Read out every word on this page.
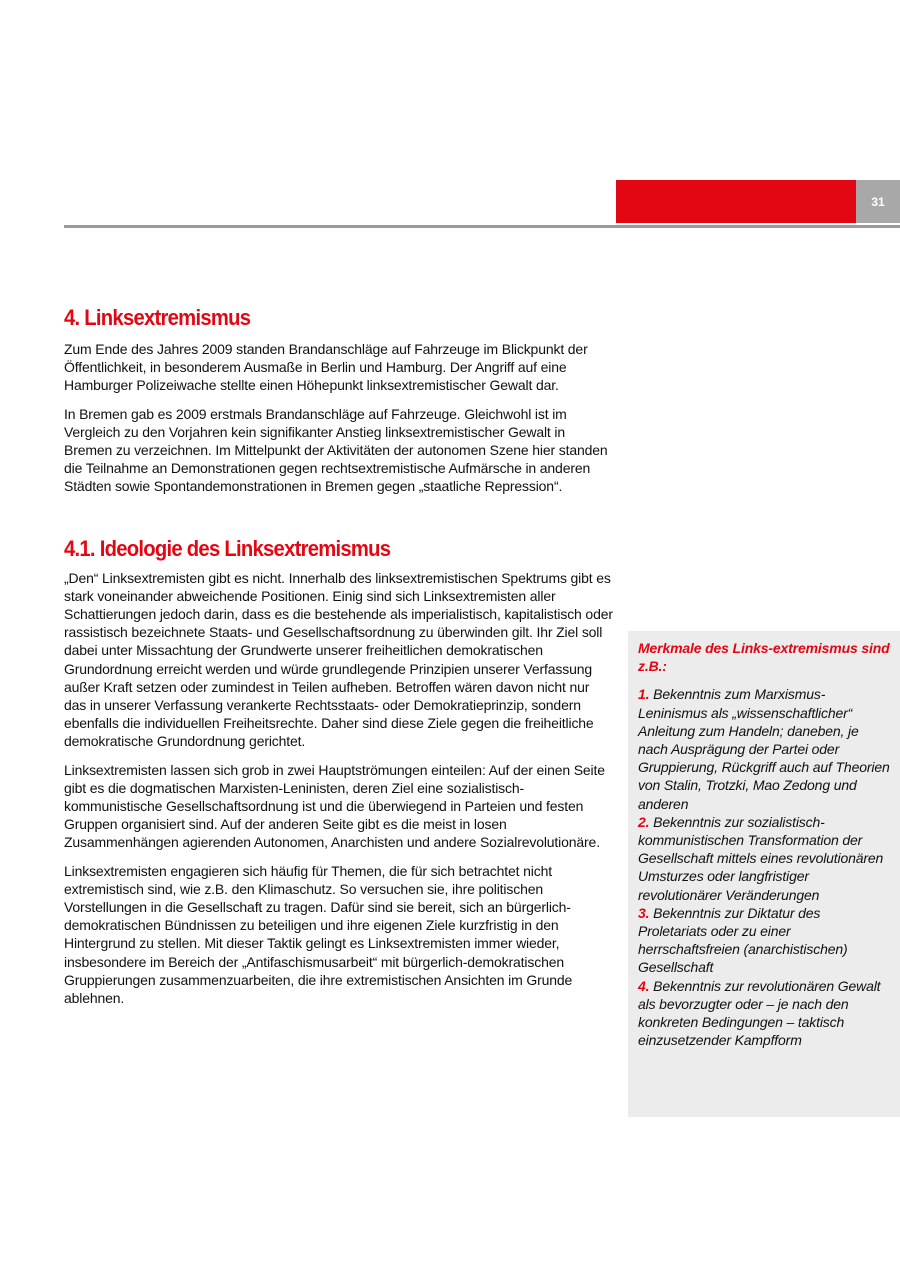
31
4. Linksextremismus

Zum Ende des Jahres 2009 standen Brandanschläge auf Fahrzeuge im Blickpunkt der Öffentlichkeit, in besonderem Ausmaße in Berlin und Hamburg. Der Angriff auf eine Hamburger Polizeiwache stellte einen Höhepunkt linksextremistischer Gewalt dar.

In Bremen gab es 2009 erstmals Brandanschläge auf Fahrzeuge. Gleichwohl ist im Vergleich zu den Vorjahren kein signifikanter Anstieg linksextremistischer Gewalt in Bremen zu verzeichnen. Im Mittelpunkt der Aktivitäten der autonomen Szene hier standen die Teilnahme an Demonstrationen gegen rechtsextremistische Aufmärsche in anderen Städten sowie Spontandemonstrationen in Bremen gegen „staatliche Repression“.

4.1. Ideologie des Linksextremismus

„Den“ Linksextremisten gibt es nicht. Innerhalb des linksextremistischen Spektrums gibt es stark voneinander abweichende Positionen. Einig sind sich Linksextremisten aller Schattierungen jedoch darin, dass es die bestehende als imperialistisch, kapitalistisch oder rassistisch bezeichnete Staats- und Gesellschaftsordnung zu überwinden gilt. Ihr Ziel soll dabei unter Missachtung der Grundwerte unserer freiheitlichen demokratischen Grundordnung erreicht werden und würde grundlegende Prinzipien unserer Verfassung außer Kraft setzen oder zumindest in Teilen aufheben. Betroffen wären davon nicht nur das in unserer Verfassung verankerte Rechtsstaats- oder Demokratieprinzip, sondern ebenfalls die individuellen Freiheitsrechte. Daher sind diese Ziele gegen die freiheitliche demokratische Grundordnung gerichtet.

Linksextremisten lassen sich grob in zwei Hauptströmungen einteilen: Auf der einen Seite gibt es die dogmatischen Marxisten-Leninisten, deren Ziel eine sozialistisch-kommunistische Gesellschaftsordnung ist und die überwiegend in Parteien und festen Gruppen organisiert sind. Auf der anderen Seite gibt es die meist in losen Zusammenhängen agierenden Autonomen, Anarchisten und andere Sozialrevolutionäre.

Linksextremisten engagieren sich häufig für Themen, die für sich betrachtet nicht extremistisch sind, wie z.B. den Klimaschutz. So versuchen sie, ihre politischen Vorstellungen in die Gesellschaft zu tragen. Dafür sind sie bereit, sich an bürgerlich-demokratischen Bündnissen zu beteiligen und ihre eigenen Ziele kurzfristig in den Hintergrund zu stellen. Mit dieser Taktik gelingt es Linksextremisten immer wieder, insbesondere im Bereich der „Antifaschismusarbeit“ mit bürgerlich-demokratischen Gruppierungen zusammenzuarbeiten, die ihre extremistischen Ansichten im Grunde ablehnen.

Merkmale des Links-extremismus sind z.B.:
1. Bekenntnis zum Marxismus-Leninismus als „wissenschaftlicher“ Anleitung zum Handeln; daneben, je nach Ausprägung der Partei oder Gruppierung, Rückgriff auch auf Theorien von Stalin, Trotzki, Mao Zedong und anderen
2. Bekenntnis zur sozialistisch-kommunistischen Transformation der Gesellschaft mittels eines revolutionären Umsturzes oder langfristiger revolutionärer Veränderungen
3. Bekenntnis zur Diktatur des Proletariats oder zu einer herrschaftsfreien (anarchistischen) Gesellschaft
4. Bekenntnis zur revolutionären Gewalt als bevorzugter oder – je nach den konkreten Bedingungen – taktisch einzusetzender Kampfform
